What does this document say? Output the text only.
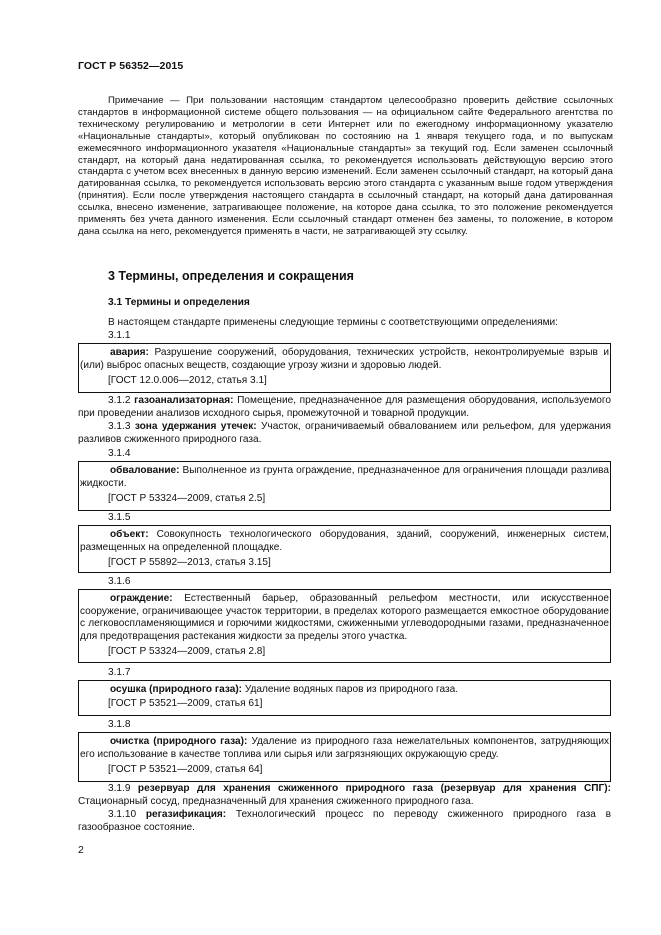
ГОСТ Р 56352—2015
Примечание — При пользовании настоящим стандартом целесообразно проверить действие ссылочных стандартов в информационной системе общего пользования — на официальном сайте Федерального агентства по техническому регулированию и метрологии в сети Интернет или по ежегодному информационному указателю «Национальные стандарты», который опубликован по состоянию на 1 января текущего года, и по выпускам ежемесячного информационного указателя «Национальные стандарты» за текущий год. Если заменен ссылочный стандарт, на который дана недатированная ссылка, то рекомендуется использовать действующую версию этого стандарта с учетом всех внесенных в данную версию изменений. Если заменен ссылочный стандарт, на который дана датированная ссылка, то рекомендуется использовать версию этого стандарта с указанным выше годом утверждения (принятия). Если после утверждения настоящего стандарта в ссылочный стандарт, на который дана датированная ссылка, внесено изменение, затрагивающее положение, на которое дана ссылка, то это положение рекомендуется применять без учета данного изменения. Если ссылочный стандарт отменен без замены, то положение, в котором дана ссылка на него, рекомендуется применять в части, не затрагивающей эту ссылку.
3 Термины, определения и сокращения
3.1 Термины и определения
В настоящем стандарте применены следующие термины с соответствующими определениями:
3.1.1
авария: Разрушение сооружений, оборудования, технических устройств, неконтролируемые взрыв и (или) выброс опасных веществ, создающие угрозу жизни и здоровью людей.
[ГОСТ 12.0.006—2012, статья 3.1]
3.1.2 газоанализаторная: Помещение, предназначенное для размещения оборудования, используемого при проведении анализов исходного сырья, промежуточной и товарной продукции.
3.1.3 зона удержания утечек: Участок, ограничиваемый обвалованием или рельефом, для удержания разливов сжиженного природного газа.
3.1.4
обвалование: Выполненное из грунта ограждение, предназначенное для ограничения площади разлива жидкости.
[ГОСТ Р 53324—2009, статья 2.5]
3.1.5
объект: Совокупность технологического оборудования, зданий, сооружений, инженерных систем, размещенных на определенной площадке.
[ГОСТ Р 55892—2013, статья 3.15]
3.1.6
ограждение: Естественный барьер, образованный рельефом местности, или искусственное сооружение, ограничивающее участок территории, в пределах которого размещается емкостное оборудование с легковоспламеняющимися и горючими жидкостями, сжиженными углеводородными газами, предназначенное для предотвращения растекания жидкости за пределы этого участка.
[ГОСТ Р 53324—2009, статья 2.8]
3.1.7
осушка (природного газа): Удаление водяных паров из природного газа.
[ГОСТ Р 53521—2009, статья 61]
3.1.8
очистка (природного газа): Удаление из природного газа нежелательных компонентов, затрудняющих его использование в качестве топлива или сырья или загрязняющих окружающую среду.
[ГОСТ Р 53521—2009, статья 64]
3.1.9 резервуар для хранения сжиженного природного газа (резервуар для хранения СПГ): Стационарный сосуд, предназначенный для хранения сжиженного природного газа.
3.1.10 регазификация: Технологический процесс по переводу сжиженного природного газа в газообразное состояние.
2
